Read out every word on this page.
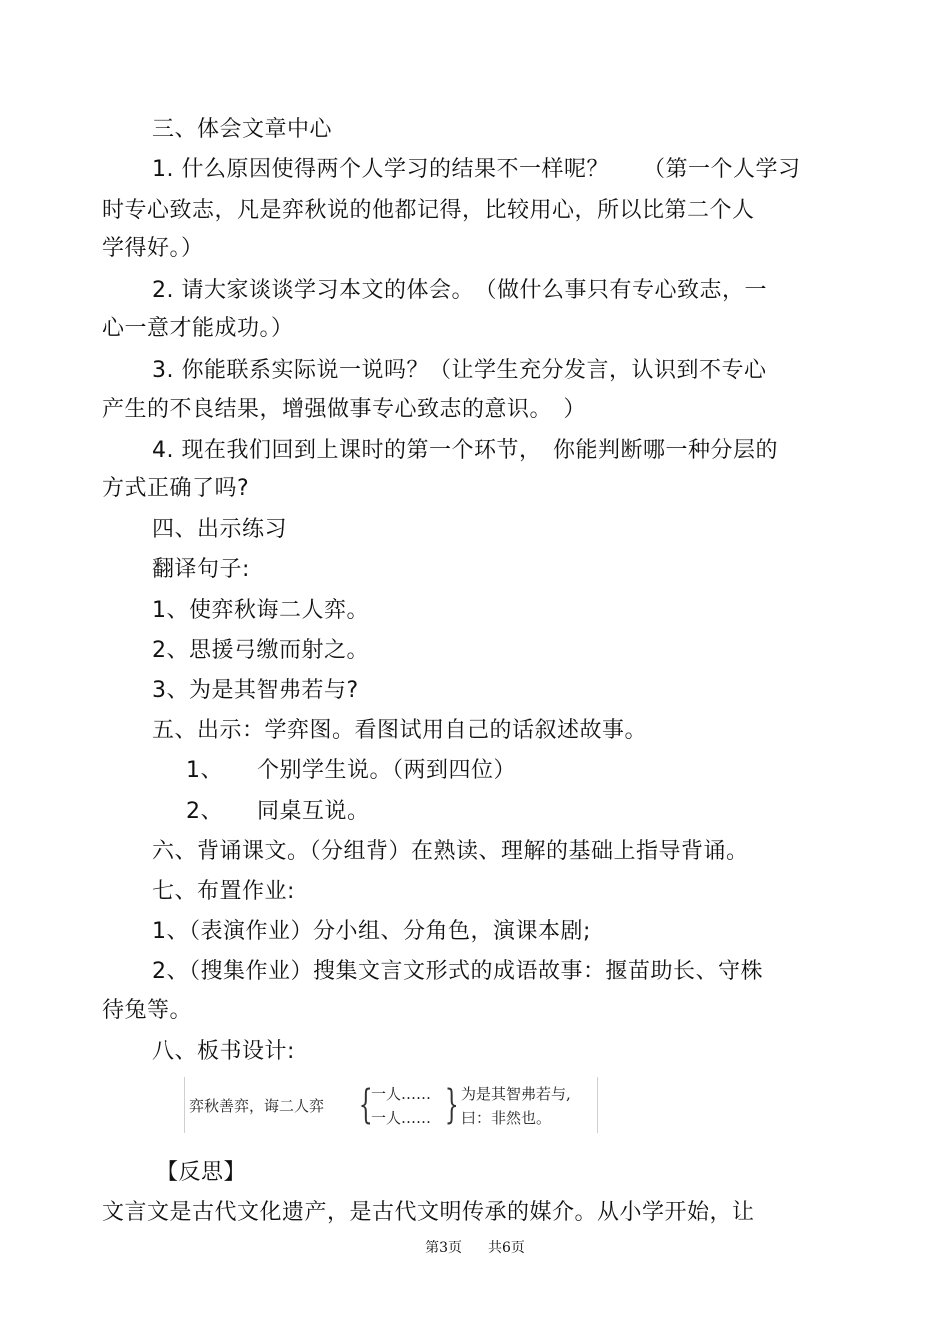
三、体会文章中心
1. 什么原因使得两个人学习的结果不一样呢？　　（第一个人学习
时专心致志，凡是弈秋说的他都记得，比较用心，所以比第二个人
学得好。）
2. 请大家谈谈学习本文的体会。　（做什么事只有专心致志，一
心一意才能成功。）
3. 你能联系实际说一说吗？（让学生充分发言，认识到不专心
产生的不良结果，增强做事专心致志的意识。　）
4. 现在我们回到上课时的第一个环节，　你能判断哪一种分层的
方式正确了吗?
四、出示练习
翻译句子:
1、使弈秋诲二人弈。
2、思援弓缴而射之。
3、为是其智弗若与?
五、出示：学弈图。看图试用自己的话叙述故事。
1、　　个别学生说。（两到四位）
2、　　同桌互说。
六、背诵课文。（分组背）在熟读、理解的基础上指导背诵。
七、布置作业:
1、（表演作业）分小组、分角色，演课本剧;
2、（搜集作业）搜集文言文形式的成语故事：揠苗助长、守株
待兔等。
八、板书设计:
弈秋善弈，诲二人弈 {
一人……
一人…… } 为是其智弗若与,
曰：非然也。
【反思】
文言文是古代文化遗产，是古代文明传承的媒介。从小学开始，让
第3页 共6页
